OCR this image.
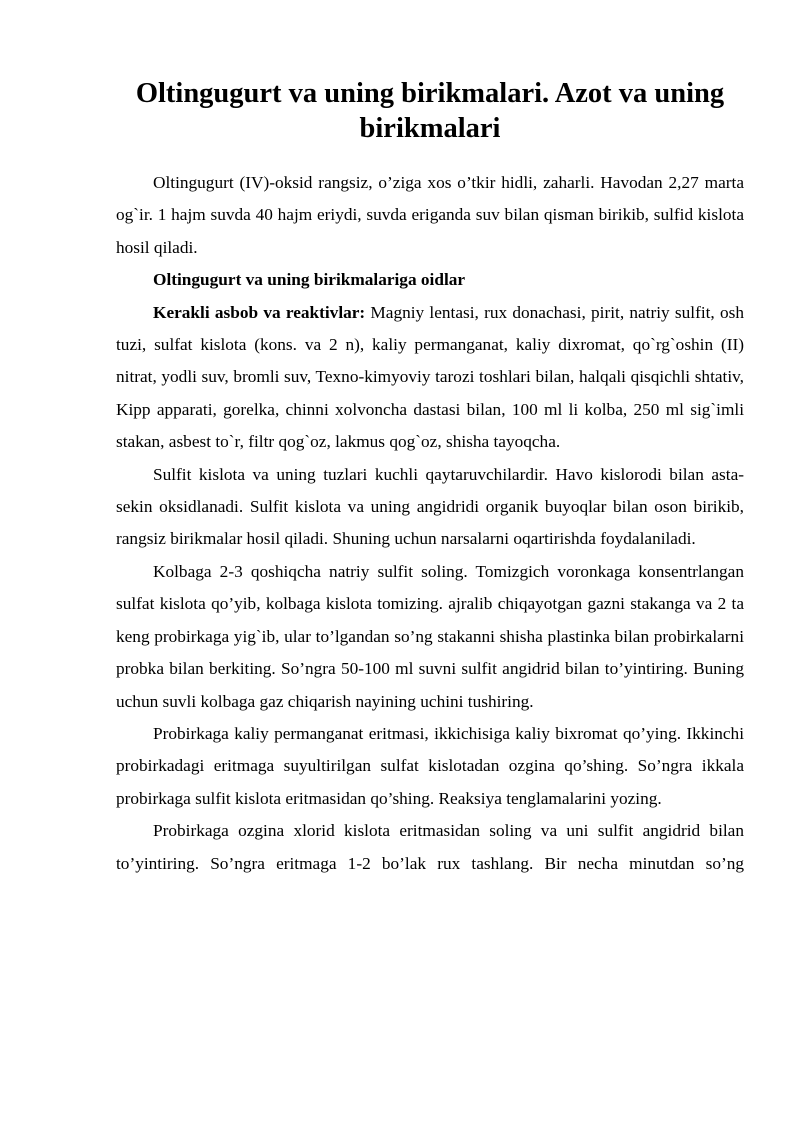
Oltingugurt va uning birikmalari. Azot va uning birikmalari

Oltingugurt (IV)-oksid rangsiz, o’ziga xos o’tkir hidli, zaharli. Havodan 2,27 marta og`ir. 1 hajm suvda 40 hajm eriydi, suvda eriganda suv bilan qisman birikib, sulfid kislota hosil qiladi.

Oltingugurt va uning birikmalariga oidlar

Kerakli asbob va reaktivlar: Magniy lentasi, rux donachasi, pirit, natriy sulfit, osh tuzi, sulfat kislota (kons. va 2 n), kaliy permanganat, kaliy dixromat, qo`rg`oshin (II) nitrat, yodli suv, bromli suv, Texno-kimyoviy tarozi toshlari bilan, halqali qisqichli shtativ, Kipp apparati, gorelka, chinni xolvoncha dastasi bilan, 100 ml li kolba, 250 ml sig`imli stakan, asbest to`r, filtr qog`oz, lakmus qog`oz, shisha tayoqcha.

Sulfit kislota va uning tuzlari kuchli qaytaruvchilardir. Havo kislorodi bilan asta-sekin oksidlanadi. Sulfit kislota va uning angidridi organik buyoqlar bilan oson birikib, rangsiz birikmalar hosil qiladi. Shuning uchun narsalarni oqartirishda foydalaniladi.

Kolbaga 2-3 qoshiqcha natriy sulfit soling. Tomizgich voronkaga konsentrlangan sulfat kislota qo’yib, kolbaga kislota tomizing. ajralib chiqayotgan gazni stakanga va 2 ta keng probirkaga yig`ib, ular to’lgandan so’ng stakanni shisha plastinka bilan probirkalarni probka bilan berkiting. So’ngra 50-100 ml suvni sulfit angidrid bilan to’yintiring. Buning uchun suvli kolbaga gaz chiqarish nayining uchini tushiring.

Probirkaga kaliy permanganat eritmasi, ikkichisiga kaliy bixromat qo’ying. Ikkinchi probirkadagi eritmaga suyultirilgan sulfat kislotadan ozgina qo’shing. So’ngra ikkala probirkaga sulfit kislota eritmasidan qo’shing. Reaksiya tenglamalarini yozing.

Probirkaga ozgina xlorid kislota eritmasidan soling va uni sulfit angidrid bilan to’yintiring. So’ngra eritmaga 1-2 bo’lak rux tashlang. Bir necha minutdan so’ng
